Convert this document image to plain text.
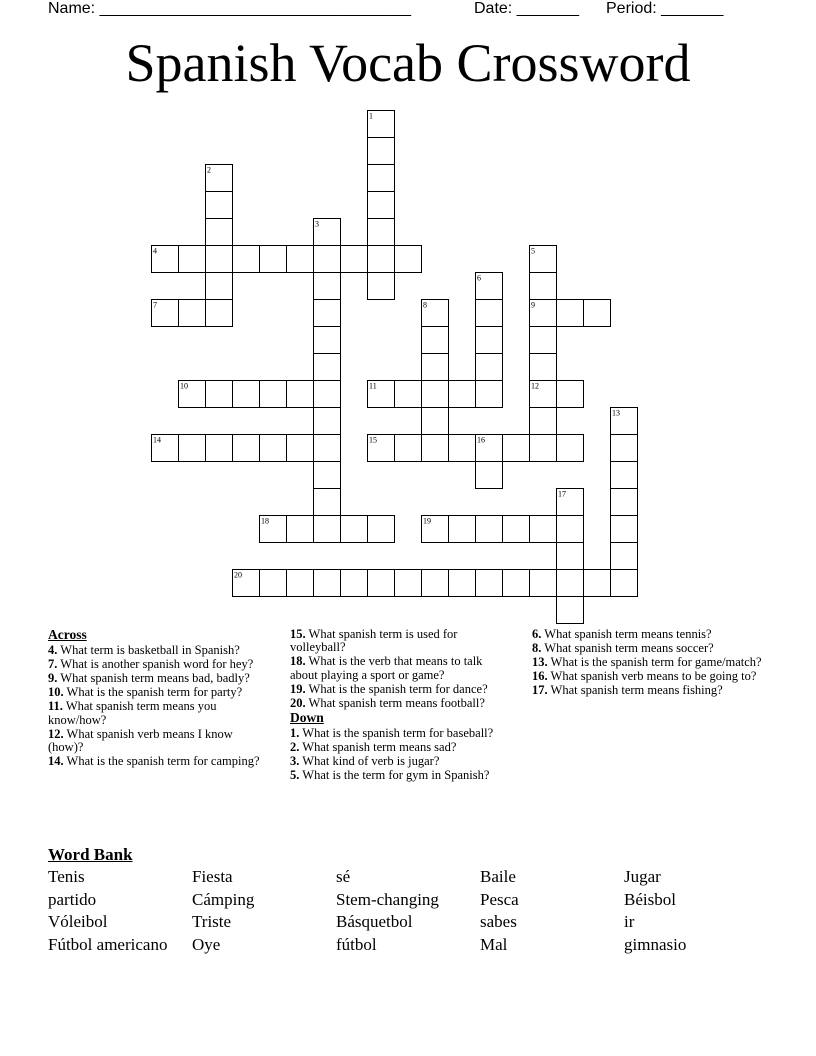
Name: ___________________________________	Date: _______ Period: _______
Spanish Vocab Crossword
1
2
3
4	5
9
12
6
7	8
10	11
13
14	15	16
17
18	19
20
Across
4. What term is basketball in Spanish?
7. What is another spanish word for hey?
9. What spanish term means bad, badly?
10. What is the spanish term for party?
11. What spanish term means you know/how?
12. What spanish verb means I know (how)?
14. What is the spanish term for camping?
15. What spanish term is used for volleyball?
18. What is the verb that means to talk about playing a sport or game?
19. What is the spanish term for dance?
20. What spanish term means football?
Down
1. What is the spanish term for baseball?
2. What spanish term means sad?
3. What kind of verb is jugar?
5. What is the term for gym in Spanish?
6. What spanish term means tennis?
8. What spanish term means soccer?
13. What is the spanish term for game/match?
16. What spanish verb means to be going to?
17. What spanish term means fishing?
Word Bank
Tenis	Fiesta	sé	Baile	Jugar
partido	Cámping	Stem-changing	Pesca	Béisbol
Vóleibol	Triste	Básquetbol	sabes	ir
Fútbol americano	Oye	fútbol	Mal	gimnasio
